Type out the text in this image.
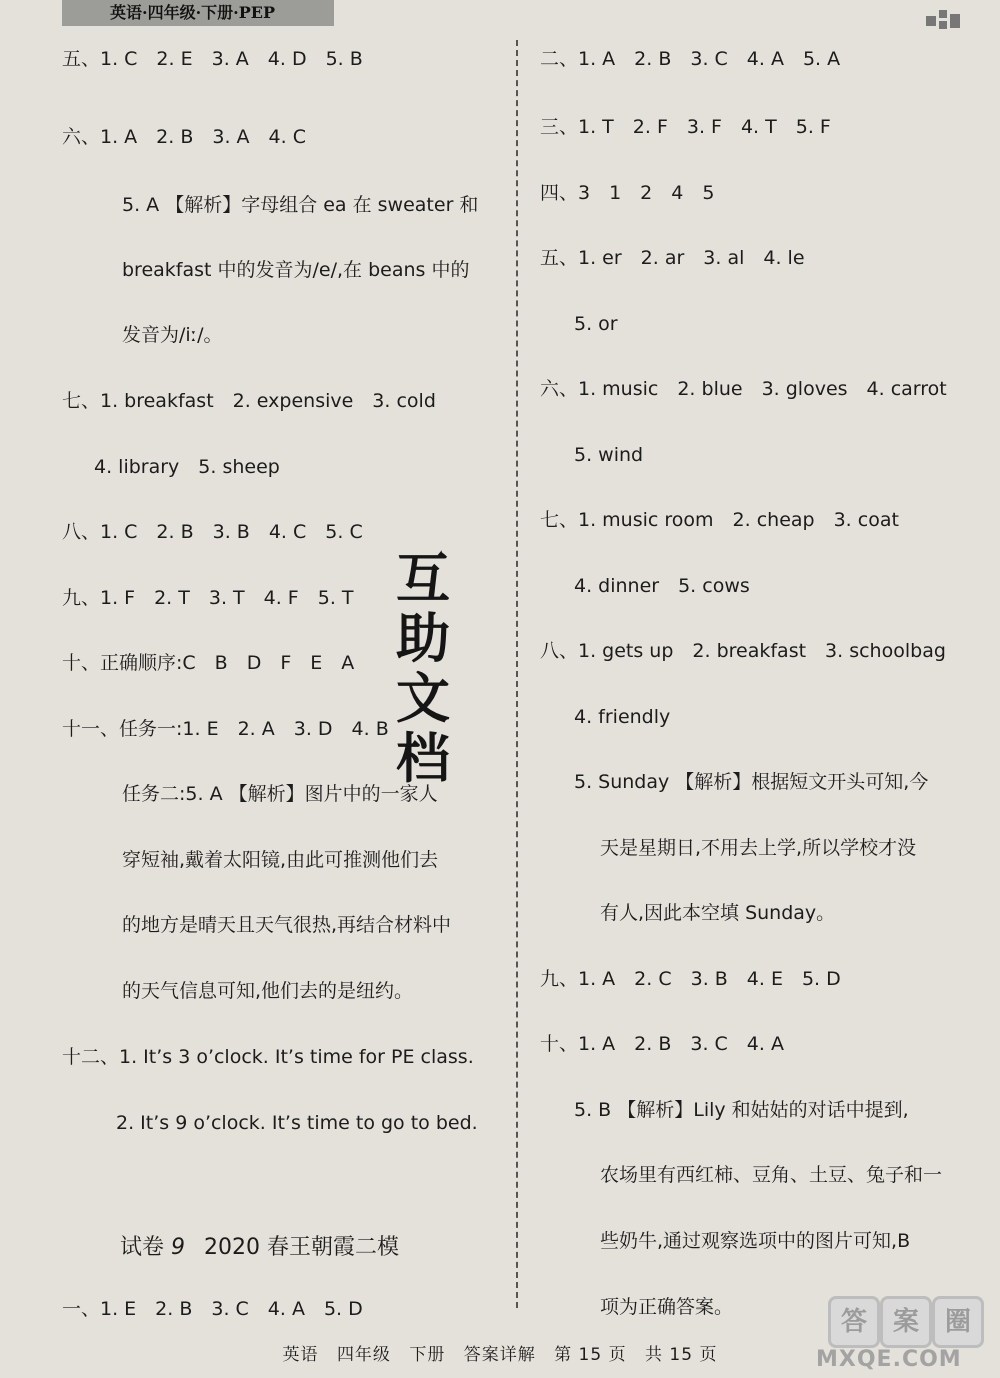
英语·四年级·下册·PEP
五、1. C　2. E　3. A　4. D　5. B
六、1. A　2. B　3. A　4. C
5. A 【解析】字母组合 ea 在 sweater 和
breakfast 中的发音为/e/,在 beans 中的
发音为/iː/。
七、1. breakfast　2. expensive　3. cold
4. library　5. sheep
八、1. C　2. B　3. B　4. C　5. C
九、1. F　2. T　3. T　4. F　5. T
十、正确顺序:C　B　D　F　E　A
十一、任务一:1. E　2. A　3. D　4. B
任务二:5. A 【解析】图片中的一家人
穿短袖,戴着太阳镜,由此可推测他们去
的地方是晴天且天气很热,再结合材料中
的天气信息可知,他们去的是纽约。
十二、1. It’s 3 o’clock. It’s time for PE class.
2. It’s 9 o’clock. It’s time to go to bed.
一、1. E　2. B　3. C　4. A　5. D
二、1. A　2. B　3. C　4. A　5. A
三、1. T　2. F　3. F　4. T　5. F
四、3　1　2　4　5
五、1. er　2. ar　3. al　4. le
5. or
六、1. music　2. blue　3. gloves　4. carrot
5. wind
七、1. music room　2. cheap　3. coat
4. dinner　5. cows
八、1. gets up　2. breakfast　3. schoolbag
4. friendly
5. Sunday 【解析】根据短文开头可知,今
天是星期日,不用去上学,所以学校才没
有人,因此本空填 Sunday。
九、1. A　2. C　3. B　4. E　5. D
十、1. A　2. B　3. C　4. A
5. B 【解析】Lily 和姑姑的对话中提到,
农场里有西红柿、豆角、土豆、兔子和一
些奶牛,通过观察选项中的图片可知,B
项为正确答案。
试卷 9 2020 春王朝霞二模
互
助
文
档
英语 四年级 下册 答案详解 第 15 页 共 15 页
答 案 圈
MXQE.COM
